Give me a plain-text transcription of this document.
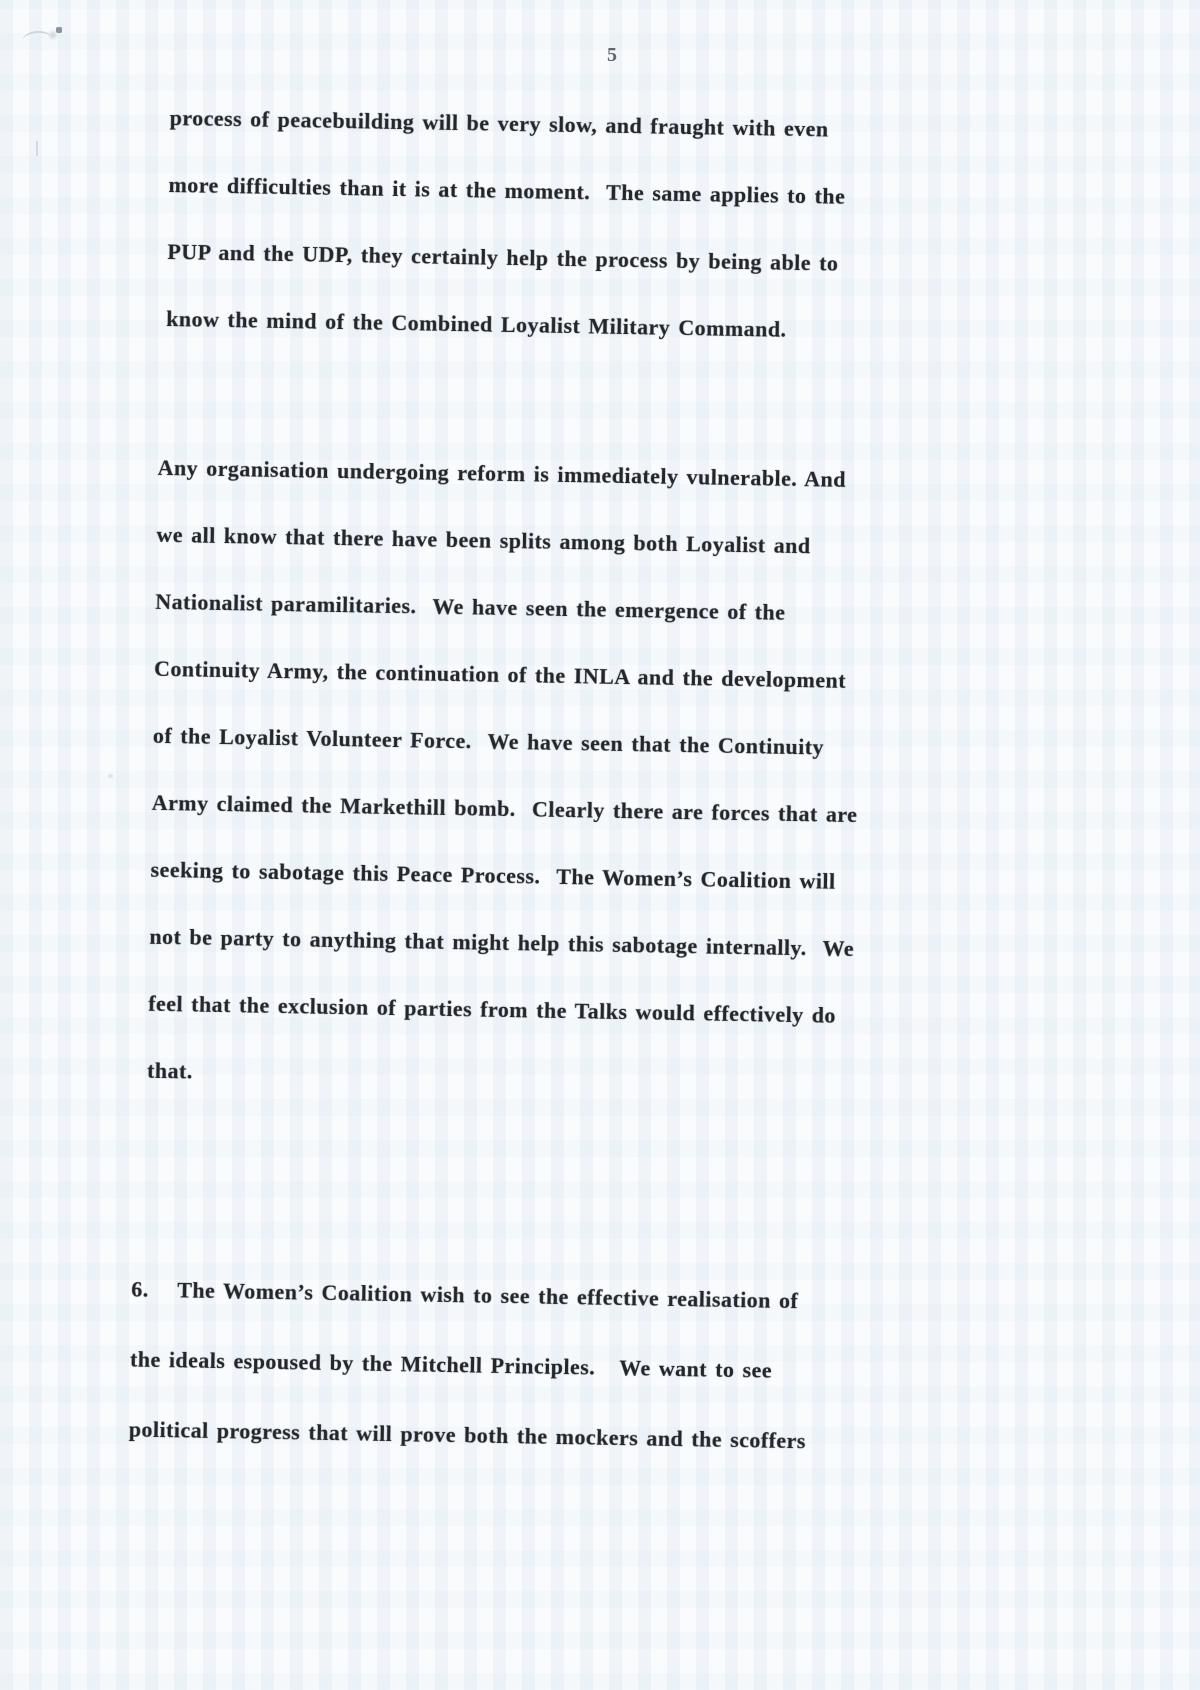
5
process of peacebuilding will be very slow, and fraught with even
more difficulties than it is at the moment.  The same applies to the
PUP and the UDP, they certainly help the process by being able to
know the mind of the Combined Loyalist Military Command.
Any organisation undergoing reform is immediately vulnerable. And
we all know that there have been splits among both Loyalist and
Nationalist paramilitaries.  We have seen the emergence of the
Continuity Army, the continuation of the INLA and the development
of the Loyalist Volunteer Force.  We have seen that the Continuity
Army claimed the Markethill bomb.  Clearly there are forces that are
seeking to sabotage this Peace Process.  The Women’s Coalition will
not be party to anything that might help this sabotage internally.  We
feel that the exclusion of parties from the Talks would effectively do
that.
6. The Women’s Coalition wish to see the effective realisation of
the ideals espoused by the Mitchell Principles.   We want to see
political progress that will prove both the mockers and the scoffers
